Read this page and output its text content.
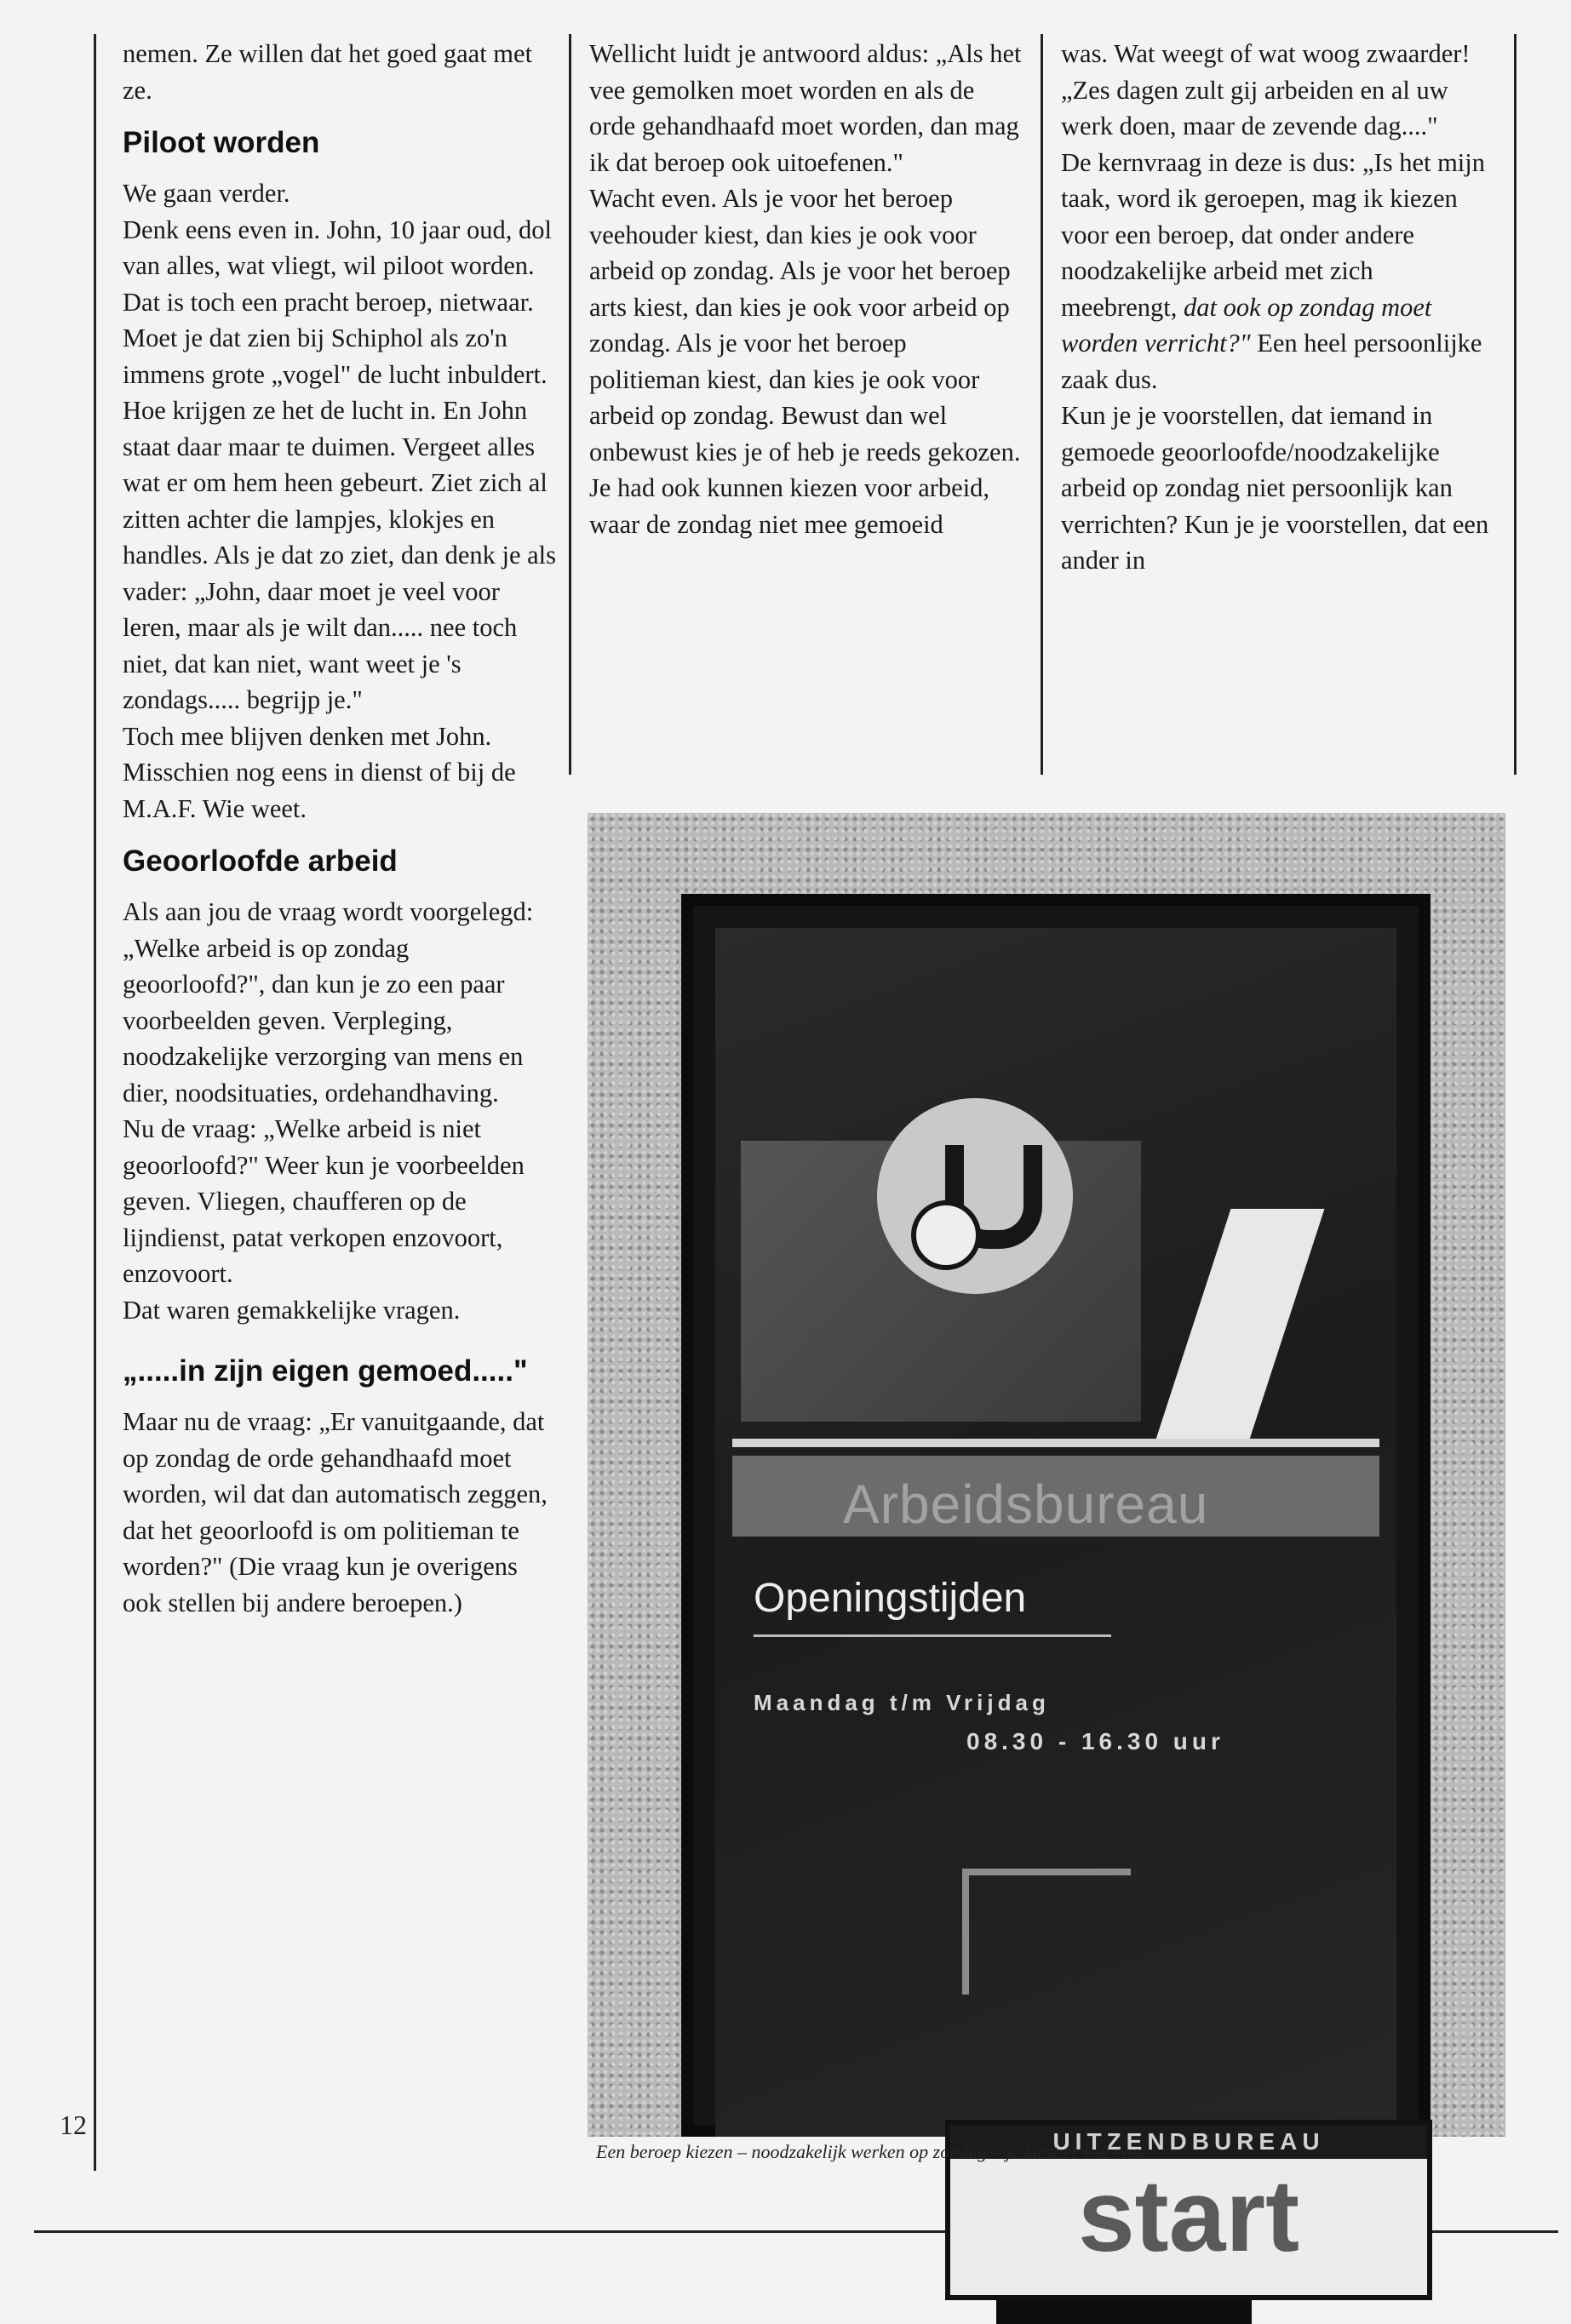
12

nemen. Ze willen dat het goed gaat met ze.

Piloot worden

We gaan verder.

Denk eens even in. John, 10 jaar oud, dol van alles, wat vliegt, wil piloot worden. Dat is toch een pracht beroep, nietwaar. Moet je dat zien bij Schiphol als zo'n immens grote „vogel" de lucht inbuldert. Hoe krijgen ze het de lucht in. En John staat daar maar te duimen. Vergeet alles wat er om hem heen gebeurt. Ziet zich al zitten achter die lampjes, klokjes en handles. Als je dat zo ziet, dan denk je als vader: „John, daar moet je veel voor leren, maar als je wilt dan..... nee toch niet, dat kan niet, want weet je 's zondags..... begrijp je."

Toch mee blijven denken met John. Misschien nog eens in dienst of bij de M.A.F. Wie weet.

Geoorloofde arbeid

Als aan jou de vraag wordt voorgelegd: „Welke arbeid is op zondag geoorloofd?", dan kun je zo een paar voorbeelden geven. Verpleging, noodzakelijke verzorging van mens en dier, noodsituaties, ordehandhaving.

Nu de vraag: „Welke arbeid is niet geoorloofd?" Weer kun je voorbeelden geven. Vliegen, chaufferen op de lijndienst, patat verkopen enzovoort, enzovoort.

Dat waren gemakkelijke vragen.

„.....in zijn eigen gemoed....."

Maar nu de vraag: „Er vanuitgaande, dat op zondag de orde gehandhaafd moet worden, wil dat dan automatisch zeggen, dat het geoorloofd is om politieman te worden?" (Die vraag kun je overigens ook stellen bij andere beroepen.)

Wellicht luidt je antwoord aldus: „Als het vee gemolken moet worden en als de orde gehandhaafd moet worden, dan mag ik dat beroep ook uitoefenen."

Wacht even. Als je voor het beroep veehouder kiest, dan kies je ook voor arbeid op zondag. Als je voor het beroep arts kiest, dan kies je ook voor arbeid op zondag. Als je voor het beroep politieman kiest, dan kies je ook voor arbeid op zondag. Bewust dan wel onbewust kies je of heb je reeds gekozen. Je had ook kunnen kiezen voor arbeid, waar de zondag niet mee gemoeid

was. Wat weegt of wat woog zwaarder!

„Zes dagen zult gij arbeiden en al uw werk doen, maar de zevende dag...."

De kernvraag in deze is dus: „Is het mijn taak, word ik geroepen, mag ik kiezen voor een beroep, dat onder andere noodzakelijke arbeid met zich meebrengt, dat ook op zondag moet worden verricht?" Een heel persoonlijke zaak dus.

Kun je je voorstellen, dat iemand in gemoede geoorloofde/noodzakelijke arbeid op zondag niet persoonlijk kan verrichten? Kun je je voorstellen, dat een ander in

Arbeidsbureau
Openingstijden
Maandag t/m Vrijdag
08.30 - 16.30 uur
UITZENDBUREAU
start
Een beroep kiezen – noodzakelijk werken op zondag – je kiest er wel voor.
